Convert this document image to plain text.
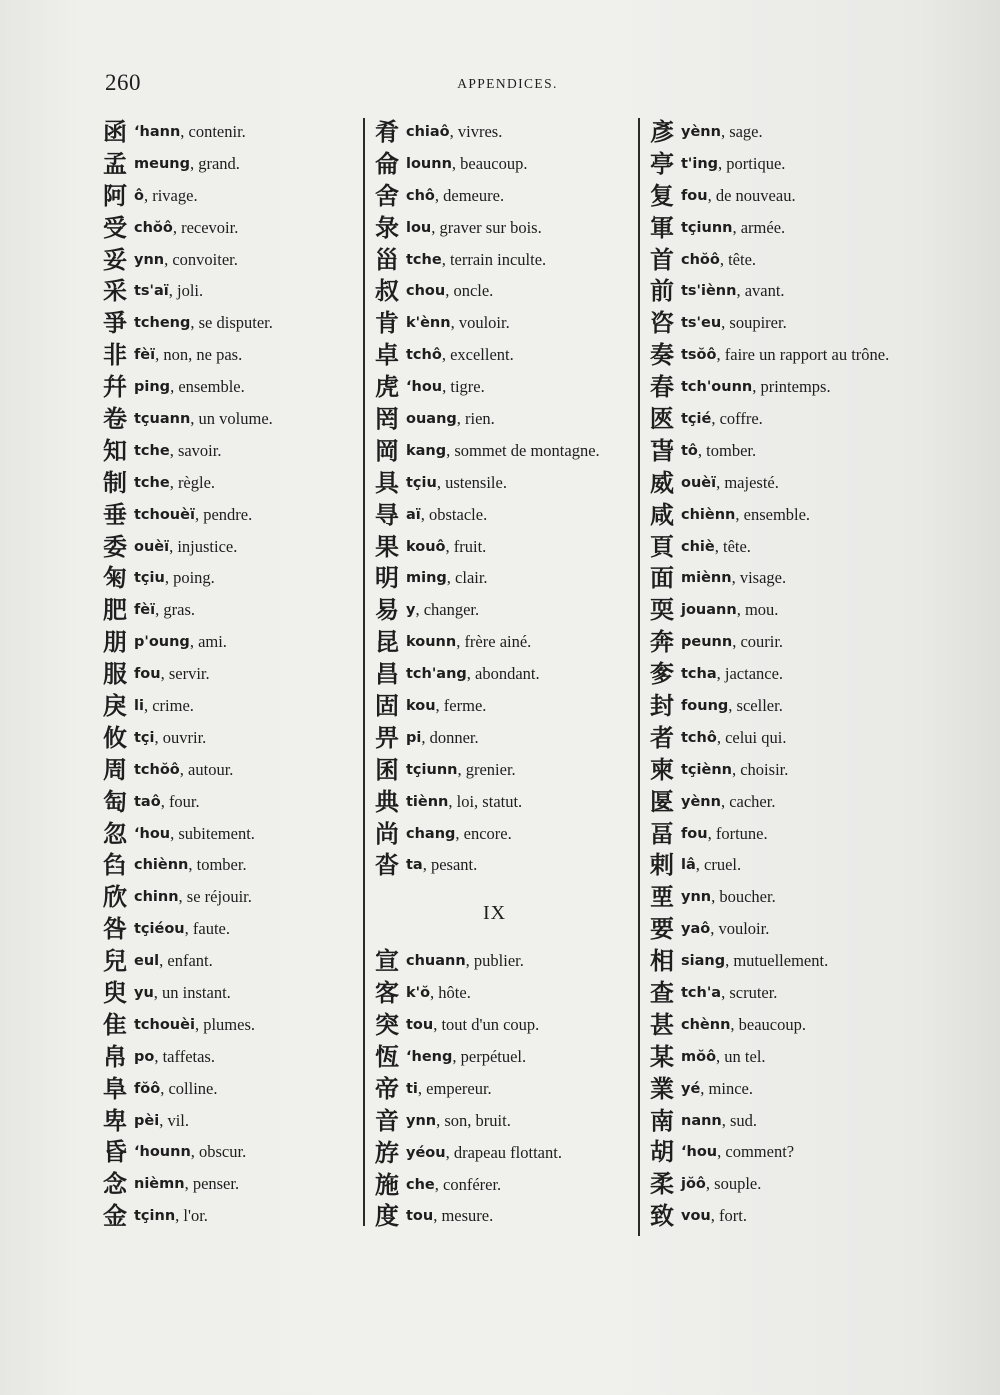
260	APPENDICES.
函 ‘hann , contenir.
孟 meung , grand.
阿 ô , rivage.
受 chŏô , recevoir.
妥 ynn , convoiter.
采 ts'aï , joli.
爭 tcheng , se disputer.
非 fèï , non, ne pas.
幷 ping , ensemble.
卷 tçuann , un volume.
知 tche , savoir.
制 tche , règle.
垂 tchouèï , pendre.
委 ouèï , injustice.
匊 tçiu , poing.
肥 fèï , gras.
朋 p'oung , ami.
服 fou , servir.
戾 li , crime.
攸 tçi , ouvrir.
周 tchŏô , autour.
匋 taô , four.
忽 ‘hou , subitement.
臽 chiènn , tomber.
欣 chinn , se réjouir.
咎 tçiéou , faute.
兒 eul , enfant.
臾 yu , un instant.
隹 tchouèi , plumes.
帛 po , taffetas.
阜 fŏô , colline.
卑 pèi , vil.
昏 ‘hounn , obscur.
念 nièmn , penser.
金 tçinn , l'or.
肴 chiaô , vivres.
侖 lounn , beaucoup.
舍 chô , demeure.
彔 lou , graver sur bois.
甾 tche , terrain inculte.
叔 chou , oncle.
肯 k'ènn , vouloir.
卓 tchô , excellent.
虎 ‘hou , tigre.
罔 ouang , rien.
岡 kang , sommet de montagne.
具 tçiu , ustensile.
㝵 aï , obstacle.
果 kouô , fruit.
明 ming , clair.
易 y , changer.
昆 kounn , frère ainé.
昌 tch'ang , abondant.
固 kou , ferme.
畀 pi , donner.
囷 tçiunn , grenier.
典 tiènn , loi, statut.
尚 chang , encore.
沓 ta , pesant.
IX
宣 chuann , publier.
客 k'ŏ , hôte.
突 tou , tout d'un coup.
恆 ‘heng , perpétuel.
帝 ti , empereur.
音 ynn , son, bruit.
斿 yéou , drapeau flottant.
施 che , conférer.
度 tou , mesure.
彥 yènn , sage.
亭 t'ing , portique.
复 fou , de nouveau.
軍 tçiunn , armée.
首 chŏô , tête.
前 ts'iènn , avant.
咨 ts'eu , soupirer.
奏 tsŏô , faire un rapport au trône.
春 tch'ounn , printemps.
匧 tçié , coffre.
旾 tô , tomber.
威 ouèï , majesté.
咸 chiènn , ensemble.
頁 chiè , tête.
面 miènn , visage.
耎 jouann , mou.
奔 peunn , courir.
奓 tcha , jactance.
封 foung , sceller.
者 tchô , celui qui.
柬 tçiènn , choisir.
匽 yènn , cacher.
畐 fou , fortune.
剌 lâ , cruel.
垔 ynn , boucher.
要 yaô , vouloir.
相 siang , mutuellement.
查 tch'a , scruter.
甚 chènn , beaucoup.
某 mŏô , un tel.
業 yé , mince.
南 nann , sud.
胡 ‘hou , comment?
柔 jŏô , souple.
致 vou , fort.
